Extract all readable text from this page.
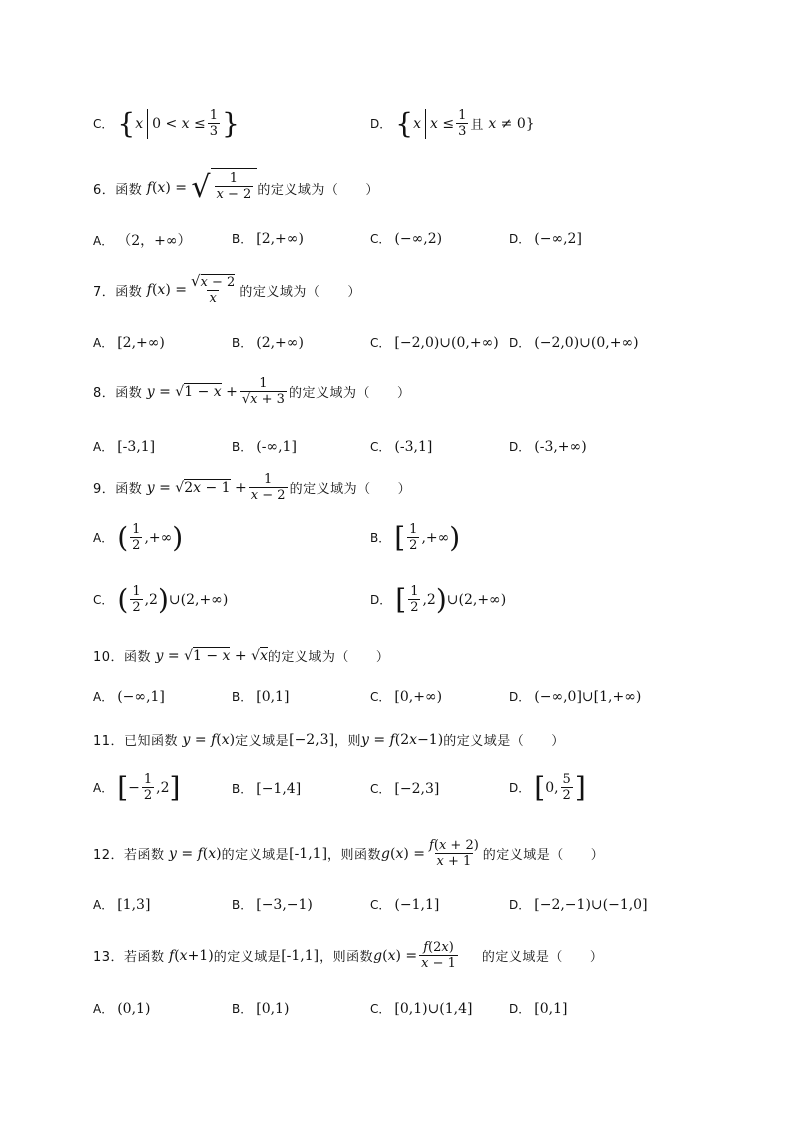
C． { x $0 < x \le \frac{1}{3}$ }	D． { x $x \le \frac{1}{3}$ 且 x ≠ 0}
6． 函数 f ( x ) = √ $\frac{1}{x - 2}$ 的定义域为（　　）
A． （2，+∞）	B． [2,+∞)	C． (−∞,2)	D． (−∞,2]
7． 函数 f ( x ) = $\frac{√x - 2}{x}$ 的定义域为（　　）
A． [2,+∞)	B． (2,+∞)	C． [−2,0)∪(0,+∞) D． (−2,0)∪(0,+∞)
8． 函数 y = √ $1 - x + \frac{1}{√x + 3}$ 的定义域为（　　）
A． [-3,1]	B． (-∞,1]	C． (-3,1]	D． (-3,+∞)
9． 函数 y = √ $2x - 1 + \frac{1}{x - 2}$ 的定义域为（　　）
A． ( $\frac{1}{2}$ ,+∞ )	B． [ $\frac{1}{2}$ ,+∞ )
C． ( $\frac{1}{2} ,2$ ) ∪(2,+∞)	D． [ $\frac{1}{2} ,2$ ) ∪(2,+∞)
10． 函数 y = √ 1 − x + √ x 的定义域为（　　）
A． (−∞,1]	B． [0,1]	C． [0,+∞)	D． (−∞,0]∪[1,+∞)
11． 已知函数 y = f ( x ) 定义域是 [−2,3] ，则 y = f (2 x −1) 的定义域是（　　）
A． [ − $\frac{1}{2} ,2$ ]	B． [−1,4]	C． [−2,3]	D． [ 0, $\frac{5}{2}$ ]
12． 若函数 y = f ( x ) 的定义域是 [-1,1] ，则函数 g ( x ) = $\frac{f(x + 2)}{x + 1}$ 的定义域是（　　）
A． [1,3]	B． [−3,−1)	C． (−1,1]	D． [−2,−1)∪(−1,0]
13． 若函数 f ( x +1) 的定义域是 [-1,1] ，则函数 g ( x ) = $\frac{f(2x)}{x - 1}$ 的定义域是（　　）
A． (0,1)	B． [0,1)	C． [0,1)∪(1,4]	D． [0,1]
